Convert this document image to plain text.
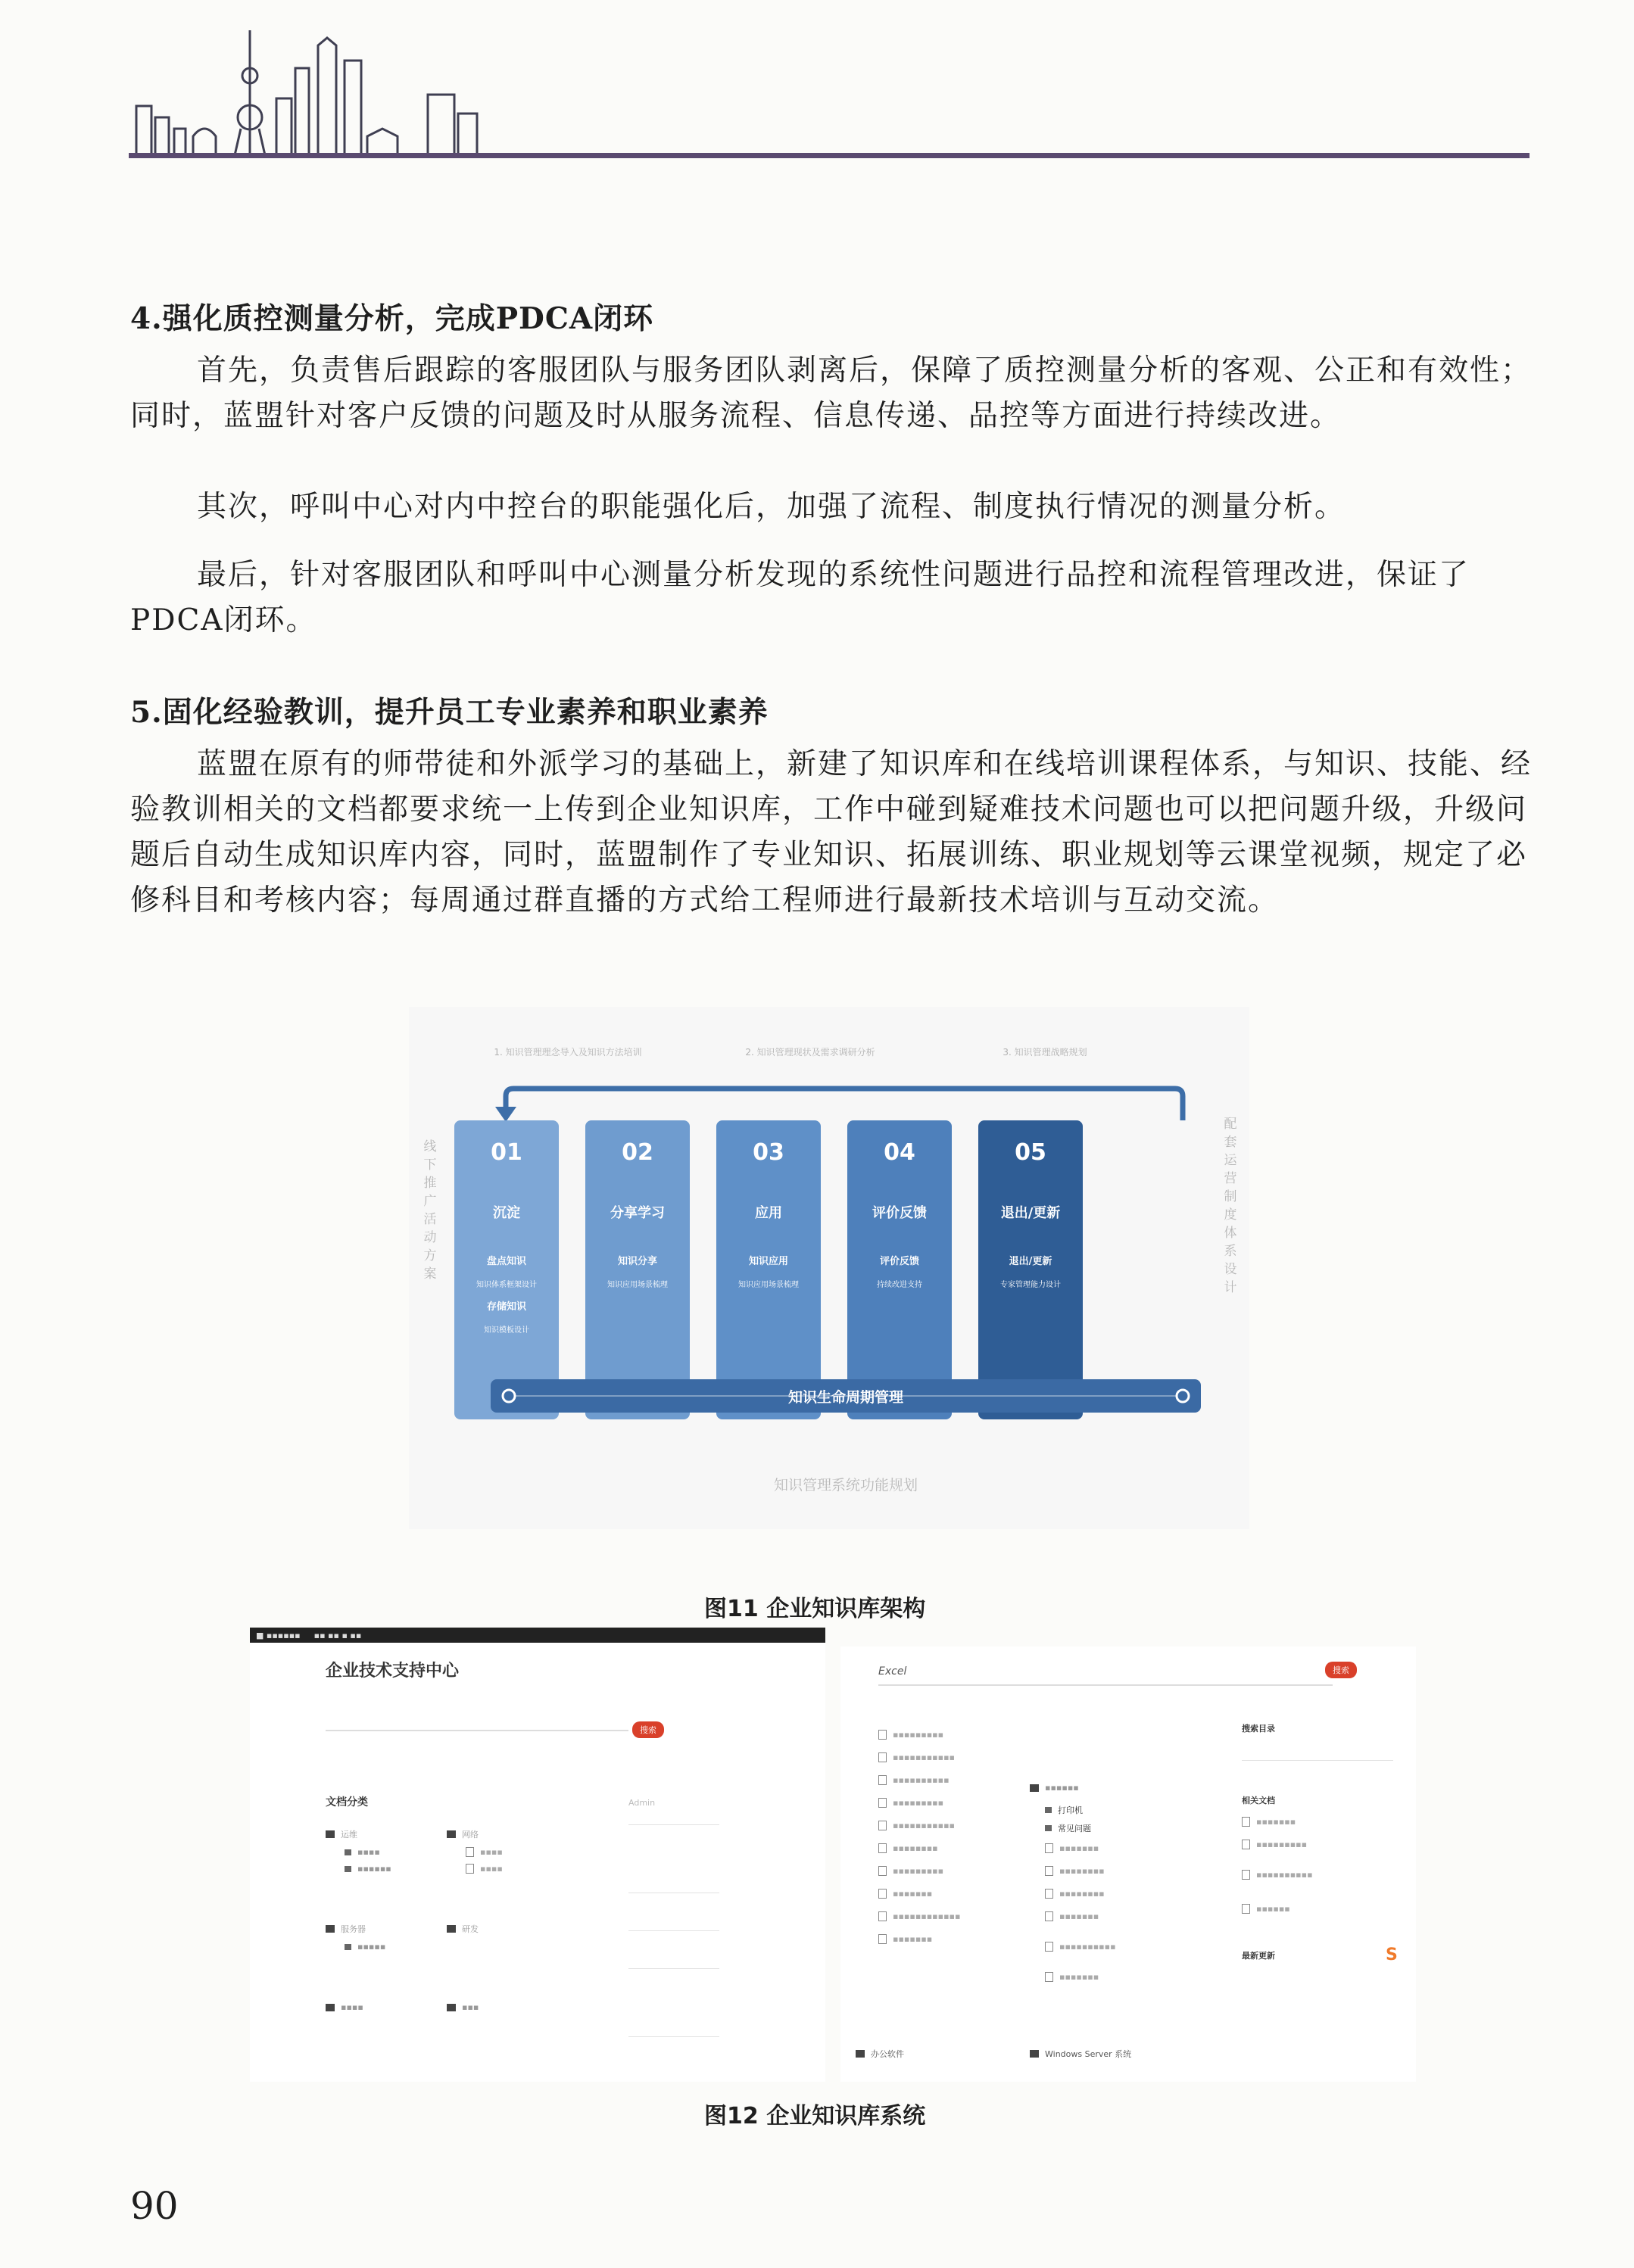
4.强化质控测量分析，完成PDCA闭环

首先，负责售后跟踪的客服团队与服务团队剥离后，保障了质控测量分析的客观、公正和有效性；同时，蓝盟针对客户反馈的问题及时从服务流程、信息传递、品控等方面进行持续改进。

其次，呼叫中心对内中控台的职能强化后，加强了流程、制度执行情况的测量分析。

最后，针对客服团队和呼叫中心测量分析发现的系统性问题进行品控和流程管理改进，保证了PDCA闭环。

5.固化经验教训，提升员工专业素养和职业素养

蓝盟在原有的师带徒和外派学习的基础上，新建了知识库和在线培训课程体系，与知识、技能、经验教训相关的文档都要求统一上传到企业知识库，工作中碰到疑难技术问题也可以把问题升级，升级问题后自动生成知识库内容，同时，蓝盟制作了专业知识、拓展训练、职业规划等云课堂视频，规定了必修科目和考核内容；每周通过群直播的方式给工程师进行最新技术培训与互动交流。

1. 知识管理理念导入及知识方法培训	2. 知识管理现状及需求调研分析	3. 知识管理战略规划
线下推广活动方案
配套运营制度体系设计
01
沉淀
盘点知识
知识体系框架设计
存储知识
知识模板设计
02
分享学习
知识分享
知识应用场景梳理
03
应用
知识应用
知识应用场景梳理
04
评价反馈
评价反馈
持续改进支持
05
退出/更新
退出/更新
专家管理能力设计
知识生命周期管理
知识管理系统功能规划
图11 企业知识库架构
■ ▪▪▪▪▪▪ ▪▪ ▪▪ ▪ ▪▪
企业技术支持中心
搜索
文档分类
运维
▪▪▪▪
▪▪▪▪▪▪
网络
▪▪▪▪
▪▪▪▪
服务器
▪▪▪▪▪
研发
▪▪▪▪	▪▪▪
Admin
Excel	搜索
▪▪▪▪▪▪▪▪▪
▪▪▪▪▪▪▪▪▪▪▪
▪▪▪▪▪▪▪▪▪▪
▪▪▪▪▪▪▪▪▪
▪▪▪▪▪▪▪▪▪▪▪
▪▪▪▪▪▪▪▪
▪▪▪▪▪▪▪▪▪
▪▪▪▪▪▪▪
▪▪▪▪▪▪▪▪▪▪▪▪
▪▪▪▪▪▪▪
▪▪▪▪▪▪
打印机
常见问题
▪▪▪▪▪▪▪
▪▪▪▪▪▪▪▪
▪▪▪▪▪▪▪▪
▪▪▪▪▪▪▪
▪▪▪▪▪▪▪▪▪▪
▪▪▪▪▪▪▪
办公软件	Windows Server 系统
搜索目录
相关文档
▪▪▪▪▪▪▪
▪▪▪▪▪▪▪▪▪
▪▪▪▪▪▪▪▪▪▪
▪▪▪▪▪▪
最新更新	S
图12 企业知识库系统
90
